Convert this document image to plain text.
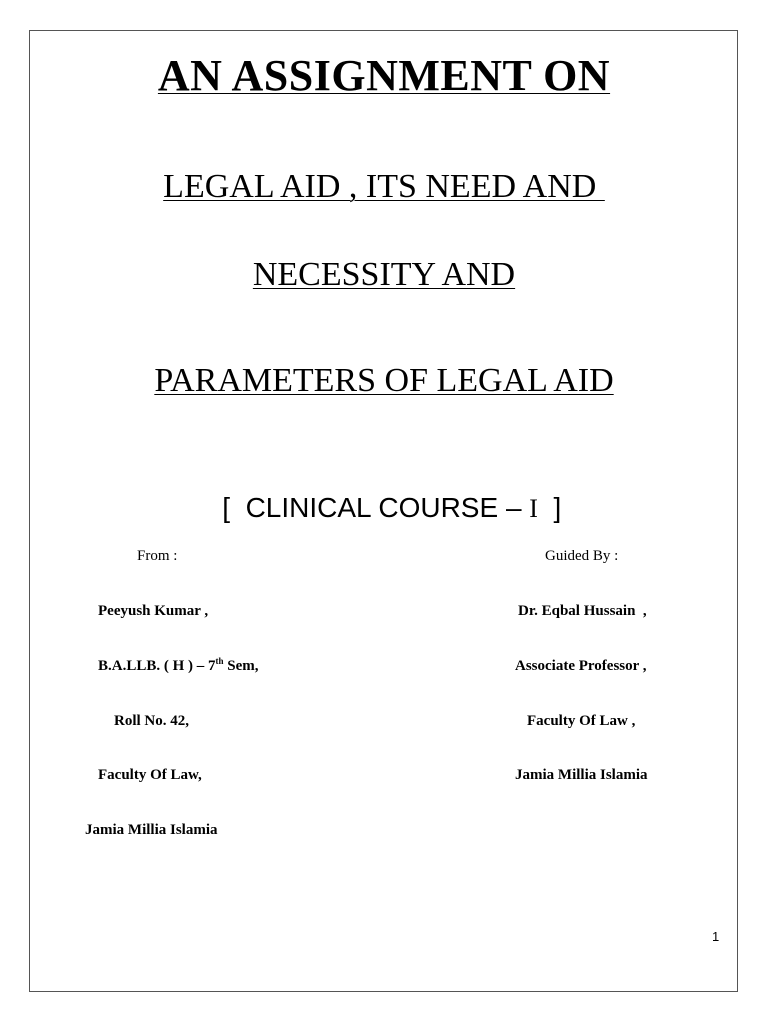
AN ASSIGNMENT ON
LEGAL AID , ITS NEED AND
NECESSITY AND
PARAMETERS OF LEGAL AID

[  CLINICAL COURSE – I  ]

From :
Peeyush Kumar ,
B.A.LLB. ( H ) – 7th Sem,
Roll No. 42,
Faculty Of Law,
Jamia Millia Islamia
Guided By :
Dr. Eqbal Hussain  ,
Associate Professor ,
Faculty Of Law ,
Jamia Millia Islamia
1
